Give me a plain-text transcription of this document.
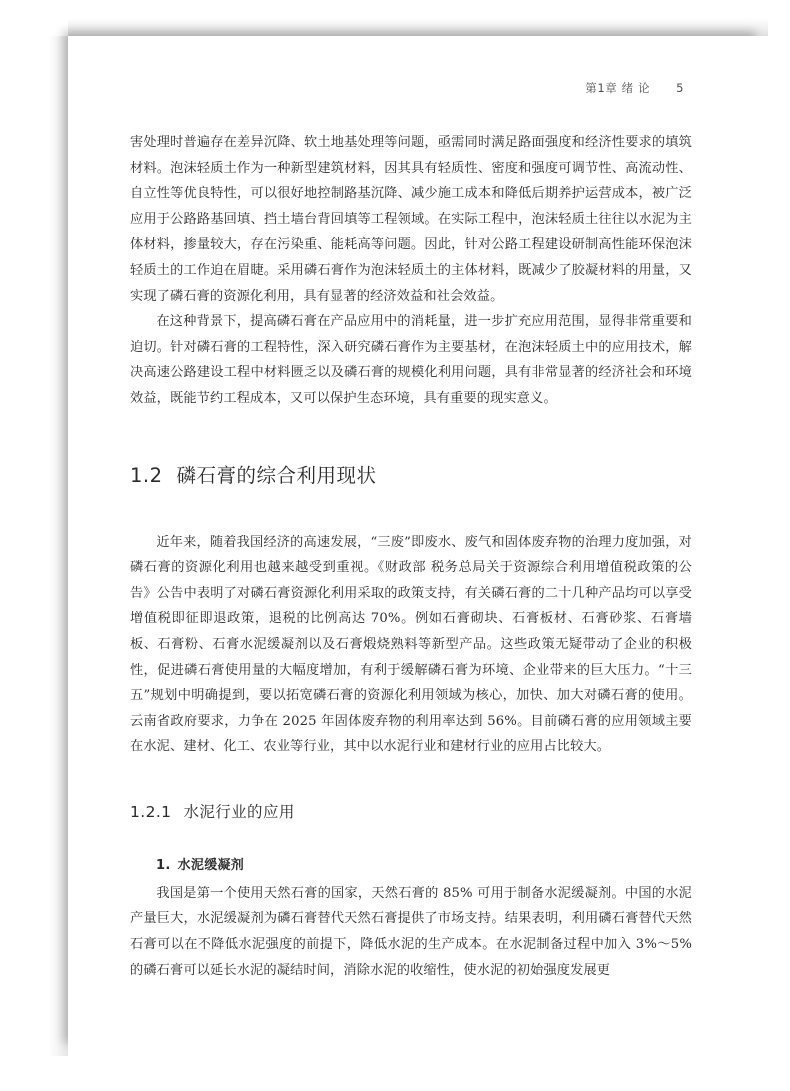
第1章 绪 论 5

害处理时普遍存在差异沉降、软土地基处理等问题，亟需同时满足路面强度和经济性要求的填筑材料。泡沫轻质土作为一种新型建筑材料，因其具有轻质性、密度和强度可调节性、高流动性、自立性等优良特性，可以很好地控制路基沉降、减少施工成本和降低后期养护运营成本，被广泛应用于公路路基回填、挡土墙台背回填等工程领域。在实际工程中，泡沫轻质土往往以水泥为主体材料，掺量较大，存在污染重、能耗高等问题。因此，针对公路工程建设研制高性能环保泡沫轻质土的工作迫在眉睫。采用磷石膏作为泡沫轻质土的主体材料，既减少了胶凝材料的用量，又实现了磷石膏的资源化利用，具有显著的经济效益和社会效益。

在这种背景下，提高磷石膏在产品应用中的消耗量，进一步扩充应用范围，显得非常重要和迫切。针对磷石膏的工程特性，深入研究磷石膏作为主要基材，在泡沫轻质土中的应用技术，解决高速公路建设工程中材料匮乏以及磷石膏的规模化利用问题，具有非常显著的经济社会和环境效益，既能节约工程成本，又可以保护生态环境，具有重要的现实意义。

1.2 磷石膏的综合利用现状

近年来，随着我国经济的高速发展，“三废”即废水、废气和固体废弃物的治理力度加强，对磷石膏的资源化利用也越来越受到重视。《财政部 税务总局关于资源综合利用增值税政策的公告》公告中表明了对磷石膏资源化利用采取的政策支持，有关磷石膏的二十几种产品均可以享受增值税即征即退政策，退税的比例高达 70%。例如石膏砌块、石膏板材、石膏砂浆、石膏墙板、石膏粉、石膏水泥缓凝剂以及石膏煅烧熟料等新型产品。这些政策无疑带动了企业的积极性，促进磷石膏使用量的大幅度增加，有利于缓解磷石膏为环境、企业带来的巨大压力。“十三五”规划中明确提到，要以拓宽磷石膏的资源化利用领域为核心，加快、加大对磷石膏的使用。云南省政府要求，力争在 2025 年固体废弃物的利用率达到 56%。目前磷石膏的应用领域主要在水泥、建材、化工、农业等行业，其中以水泥行业和建材行业的应用占比较大。

1.2.1 水泥行业的应用
1. 水泥缓凝剂

我国是第一个使用天然石膏的国家，天然石膏的 85% 可用于制备水泥缓凝剂。中国的水泥产量巨大，水泥缓凝剂为磷石膏替代天然石膏提供了市场支持。结果表明，利用磷石膏替代天然石膏可以在不降低水泥强度的前提下，降低水泥的生产成本。在水泥制备过程中加入 3%～5% 的磷石膏可以延长水泥的凝结时间，消除水泥的收缩性，使水泥的初始强度发展更
